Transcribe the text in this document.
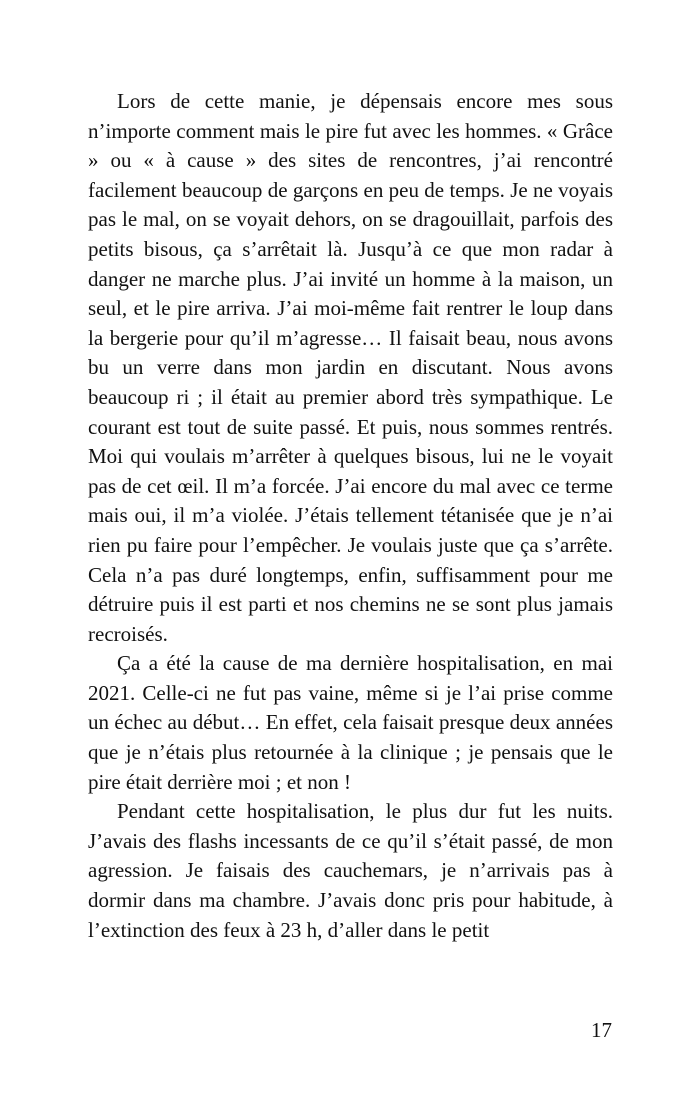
Lors de cette manie, je dépensais encore mes sous n’importe comment mais le pire fut avec les hommes. « Grâce » ou « à cause » des sites de rencontres, j’ai rencontré facilement beaucoup de garçons en peu de temps. Je ne voyais pas le mal, on se voyait dehors, on se dragouillait, parfois des petits bisous, ça s’arrêtait là. Jusqu’à ce que mon radar à danger ne marche plus. J’ai invité un homme à la maison, un seul, et le pire arriva. J’ai moi-même fait rentrer le loup dans la bergerie pour qu’il m’agresse… Il faisait beau, nous avons bu un verre dans mon jardin en discutant. Nous avons beaucoup ri ; il était au premier abord très sympathique. Le courant est tout de suite passé. Et puis, nous sommes rentrés. Moi qui voulais m’arrêter à quelques bisous, lui ne le voyait pas de cet œil. Il m’a forcée. J’ai encore du mal avec ce terme mais oui, il m’a violée. J’étais tellement tétanisée que je n’ai rien pu faire pour l’empêcher. Je voulais juste que ça s’arrête. Cela n’a pas duré longtemps, enfin, suffisamment pour me détruire puis il est parti et nos chemins ne se sont plus jamais recroisés.

Ça a été la cause de ma dernière hospitalisation, en mai 2021. Celle-ci ne fut pas vaine, même si je l’ai prise comme un échec au début… En effet, cela faisait presque deux années que je n’étais plus retournée à la clinique ; je pensais que le pire était derrière moi ; et non !

Pendant cette hospitalisation, le plus dur fut les nuits. J’avais des flashs incessants de ce qu’il s’était passé, de mon agression. Je faisais des cauchemars, je n’arrivais pas à dormir dans ma chambre. J’avais donc pris pour habitude, à l’extinction des feux à 23 h, d’aller dans le petit

17
